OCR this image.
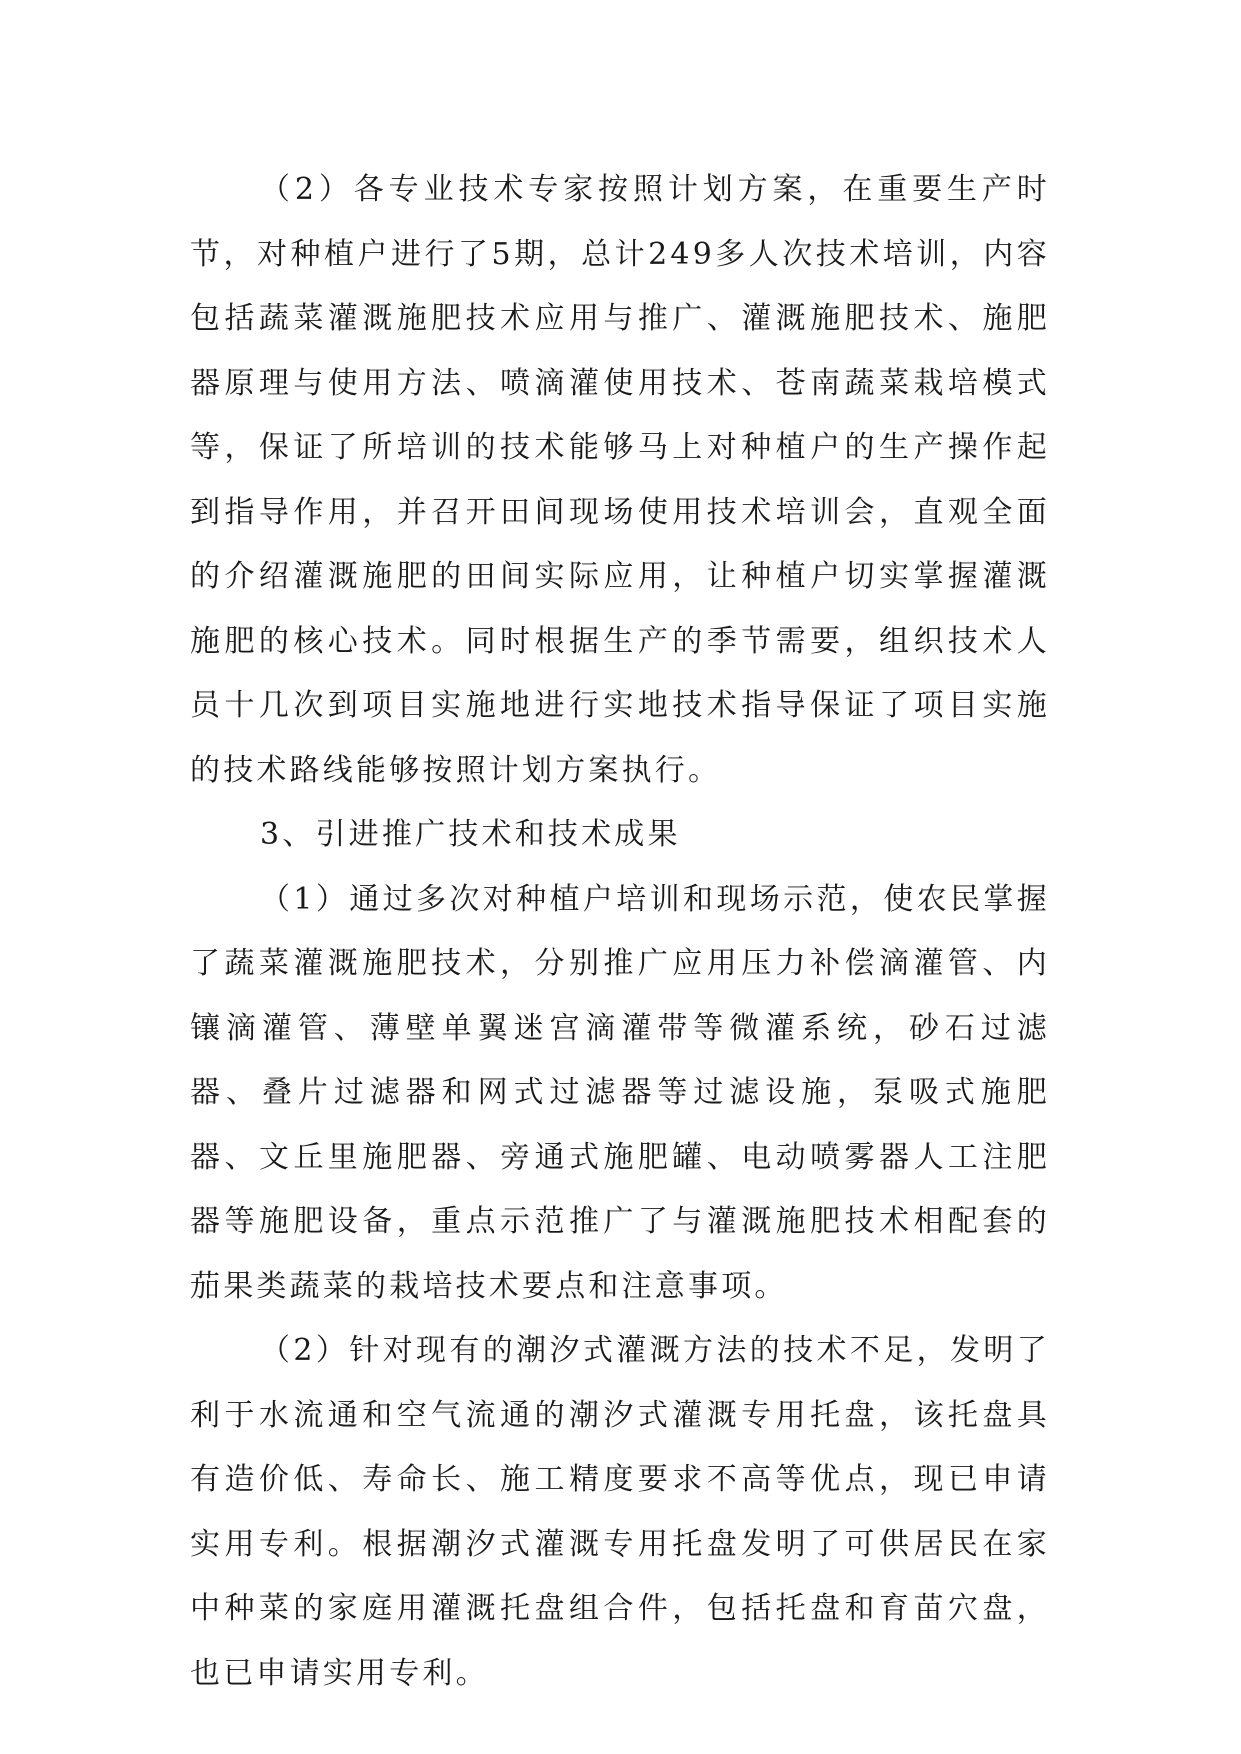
（2）各专业技术专家按照计划方案，在重要生产时节，对种植户进行了5期，总计249多人次技术培训，内容包括蔬菜灌溉施肥技术应用与推广、灌溉施肥技术、施肥器原理与使用方法、喷滴灌使用技术、苍南蔬菜栽培模式等，保证了所培训的技术能够马上对种植户的生产操作起到指导作用，并召开田间现场使用技术培训会，直观全面的介绍灌溉施肥的田间实际应用，让种植户切实掌握灌溉施肥的核心技术。同时根据生产的季节需要，组织技术人员十几次到项目实施地进行实地技术指导保证了项目实施的技术路线能够按照计划方案执行。

3、引进推广技术和技术成果

（1）通过多次对种植户培训和现场示范，使农民掌握了蔬菜灌溉施肥技术，分别推广应用压力补偿滴灌管、内镶滴灌管、薄壁单翼迷宫滴灌带等微灌系统，砂石过滤器、叠片过滤器和网式过滤器等过滤设施，泵吸式施肥器、文丘里施肥器、旁通式施肥罐、电动喷雾器人工注肥器等施肥设备，重点示范推广了与灌溉施肥技术相配套的茄果类蔬菜的栽培技术要点和注意事项。

（2）针对现有的潮汐式灌溉方法的技术不足，发明了利于水流通和空气流通的潮汐式灌溉专用托盘，该托盘具有造价低、寿命长、施工精度要求不高等优点，现已申请实用专利。根据潮汐式灌溉专用托盘发明了可供居民在家中种菜的家庭用灌溉托盘组合件，包括托盘和育苗穴盘，也已申请实用专利。
